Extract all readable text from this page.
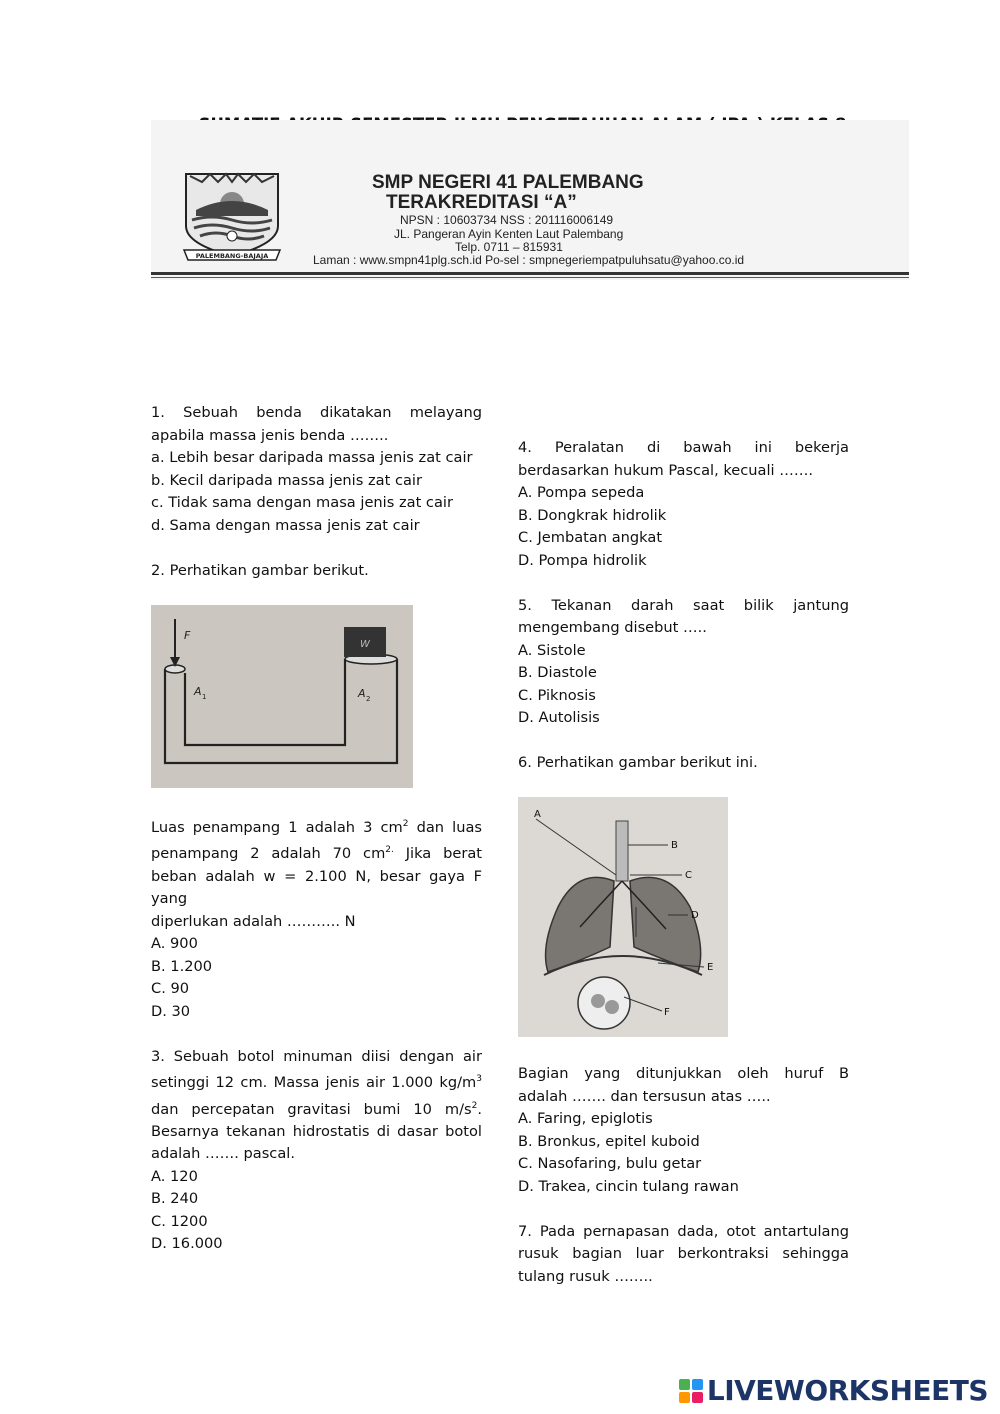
PALEMBANG-BAJAJA
SMP NEGERI 41 PALEMBANG
TERAKREDITASI “A”
NPSN : 10603734 NSS : 201116006149
JL. Pangeran Ayin Kenten Laut Palembang
Telp. 0711 – 815931
Laman : www.smpn41plg.sch.id Po-sel : smpnegeriempatpuluhsatu@yahoo.co.id

1. Sebuah benda dikatakan melayang

apabila massa jenis benda ……..

a. Lebih besar daripada massa jenis zat cair

b. Kecil daripada massa jenis zat cair

c. Tidak sama dengan masa jenis zat cair

d. Sama dengan massa jenis zat cair

2. Perhatikan gambar berikut.

F
W
A 1	A 2

Luas penampang 1 adalah 3 $cm^2$ dan luas

penampang 2 adalah 70 $cm^{2.}$ Jika berat

beban adalah w = 2.100 N, besar gaya F yang

diperlukan adalah ……….. N

A. 900

B. 1.200

C. 90

D. 30

3. Sebuah botol minuman diisi dengan air

setinggi 12 cm. Massa jenis air 1.000 $kg/m^3$

dan percepatan gravitasi bumi 10 $m/s^2$.

Besarnya tekanan hidrostatis di dasar botol

adalah ……. pascal.

A. 120

B. 240

C. 1200

D. 16.000

4. Peralatan di bawah ini bekerja

berdasarkan hukum Pascal, kecuali …….

A. Pompa sepeda

B. Dongkrak hidrolik

C. Jembatan angkat

D. Pompa hidrolik

5. Tekanan darah saat bilik jantung

mengembang disebut …..

A. Sistole

B. Diastole

C. Piknosis

D. Autolisis

6. Perhatikan gambar berikut ini.

A
B
C
D
E
F

Bagian yang ditunjukkan oleh huruf B

adalah ……. dan tersusun atas …..

A. Faring, epiglotis

B. Bronkus, epitel kuboid

C. Nasofaring, bulu getar

D. Trakea, cincin tulang rawan

7. Pada pernapasan dada, otot antartulang

rusuk bagian luar berkontraksi sehingga

tulang rusuk ……..

LIVEWORKSHEETS
